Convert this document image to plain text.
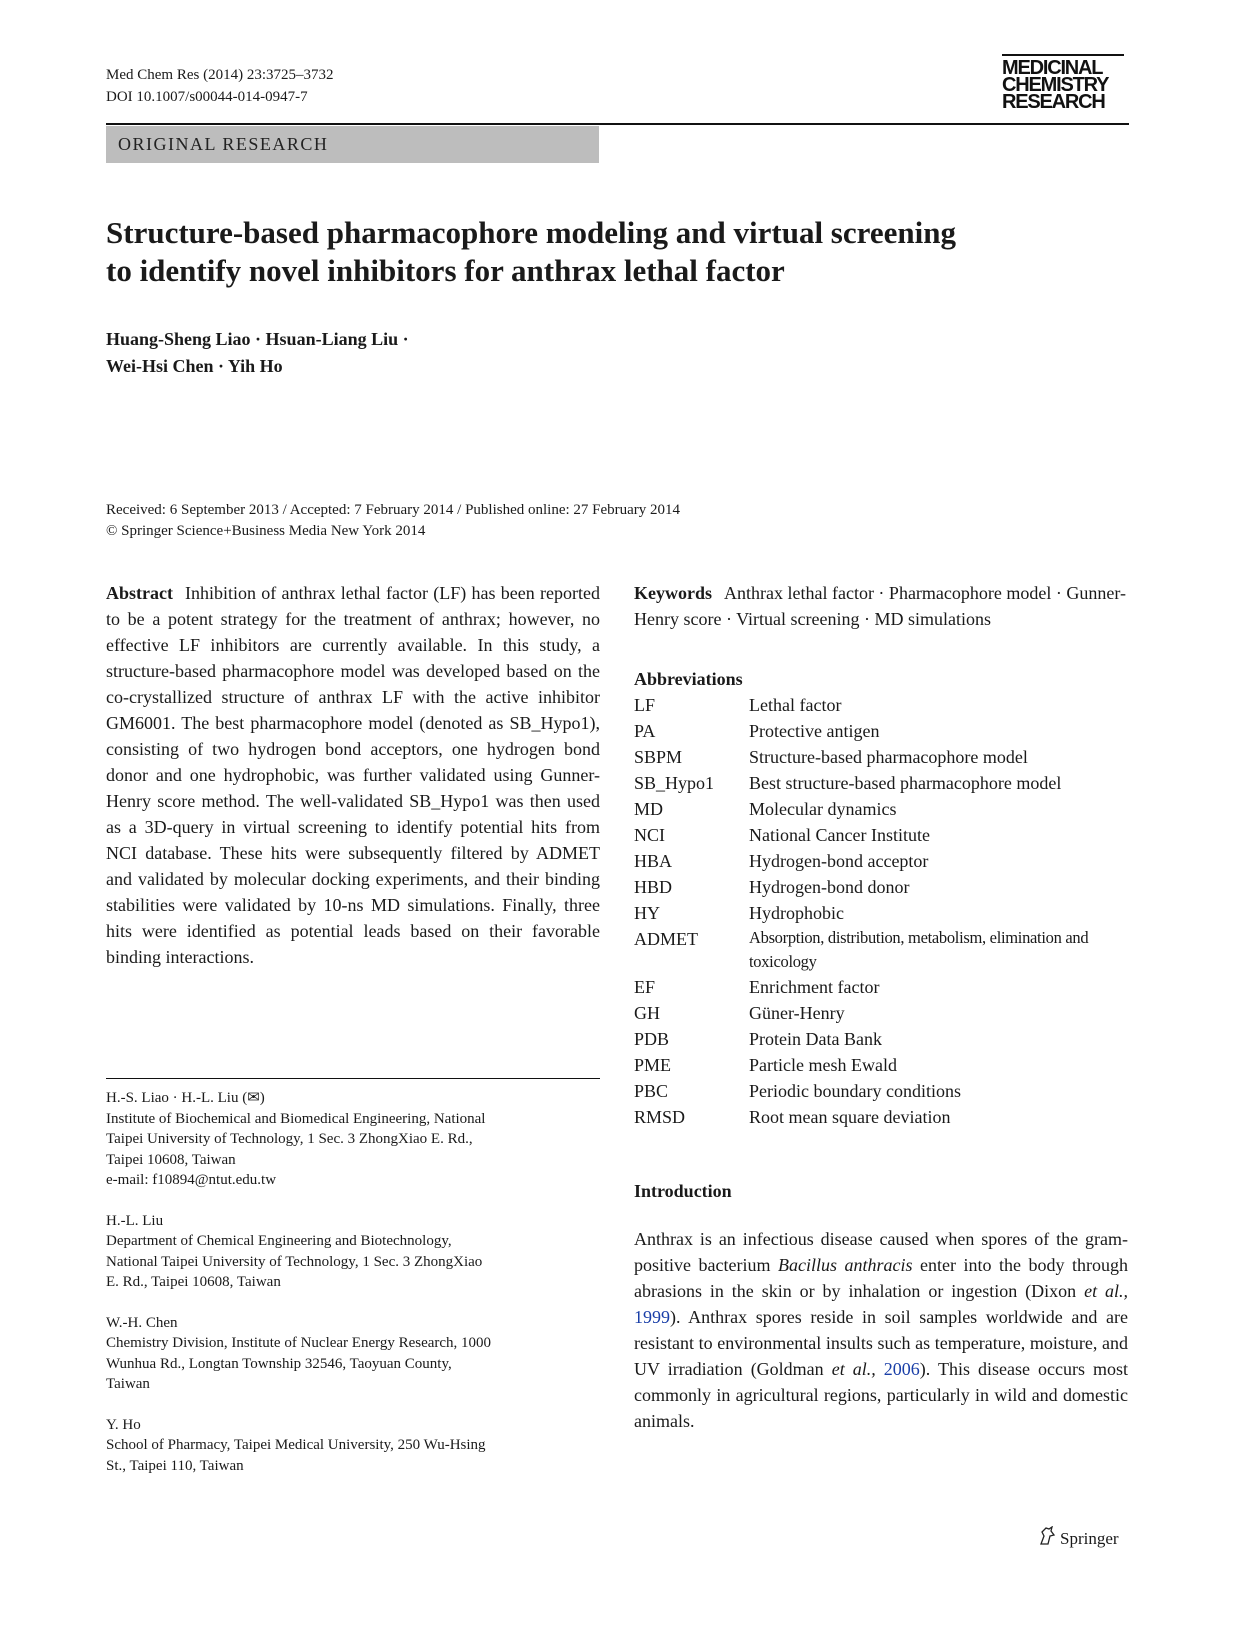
Med Chem Res (2014) 23:3725–3732
DOI 10.1007/s00044-014-0947-7
MEDICINAL
CHEMISTRY
RESEARCH
ORIGINAL RESEARCH
Structure-based pharmacophore modeling and virtual screening
to identify novel inhibitors for anthrax lethal factor
Huang-Sheng Liao · Hsuan-Liang Liu ·
Wei-Hsi Chen · Yih Ho
Received: 6 September 2013 / Accepted: 7 February 2014 / Published online: 27 February 2014
© Springer Science+Business Media New York 2014

Abstract Inhibition of anthrax lethal factor (LF) has been reported to be a potent strategy for the treatment of anthrax; however, no effective LF inhibitors are currently available. In this study, a structure-based pharmacophore model was developed based on the co-crystallized structure of anthrax LF with the active inhibitor GM6001. The best pharmacophore model (denoted as SB_Hypo1), consisting of two hydrogen bond acceptors, one hydrogen bond donor and one hydrophobic, was further validated using Gunner-Henry score method. The well-validated SB_Hypo1 was then used as a 3D-query in virtual screening to identify potential hits from NCI database. These hits were subsequently filtered by ADMET and validated by molecular docking experiments, and their binding stabilities were validated by 10-ns MD simulations. Finally, three hits were identified as potential leads based on their favorable binding interactions.

H.-S. Liao · H.-L. Liu (✉)
Institute of Biochemical and Biomedical Engineering, National
Taipei University of Technology, 1 Sec. 3 ZhongXiao E. Rd.,
Taipei 10608, Taiwan
e-mail: f10894@ntut.edu.tw
H.-L. Liu
Department of Chemical Engineering and Biotechnology,
National Taipei University of Technology, 1 Sec. 3 ZhongXiao
E. Rd., Taipei 10608, Taiwan
W.-H. Chen
Chemistry Division, Institute of Nuclear Energy Research, 1000
Wunhua Rd., Longtan Township 32546, Taoyuan County,
Taiwan
Y. Ho
School of Pharmacy, Taipei Medical University, 250 Wu-Hsing
St., Taipei 110, Taiwan

Keywords Anthrax lethal factor · Pharmacophore model · Gunner-Henry score · Virtual screening · MD simulations

Abbreviations
LF	Lethal factor
PA	Protective antigen
SBPM	Structure-based pharmacophore model
SB_Hypo1	Best structure-based pharmacophore model
MD	Molecular dynamics
NCI	National Cancer Institute
HBA	Hydrogen-bond acceptor
HBD	Hydrogen-bond donor
HY	Hydrophobic
ADMET	Absorption, distribution, metabolism, elimination and toxicology
EF	Enrichment factor
GH	Güner-Henry
PDB	Protein Data Bank
PME	Particle mesh Ewald
PBC	Periodic boundary conditions
RMSD	Root mean square deviation
Introduction

Anthrax is an infectious disease caused when spores of the gram-positive bacterium Bacillus anthracis enter into the body through abrasions in the skin or by inhalation or ingestion (Dixon et al., 1999). Anthrax spores reside in soil samples worldwide and are resistant to environmental insults such as temperature, moisture, and UV irradiation (Goldman et al., 2006). This disease occurs most commonly in agricultural regions, particularly in wild and domestic animals.

Springer
